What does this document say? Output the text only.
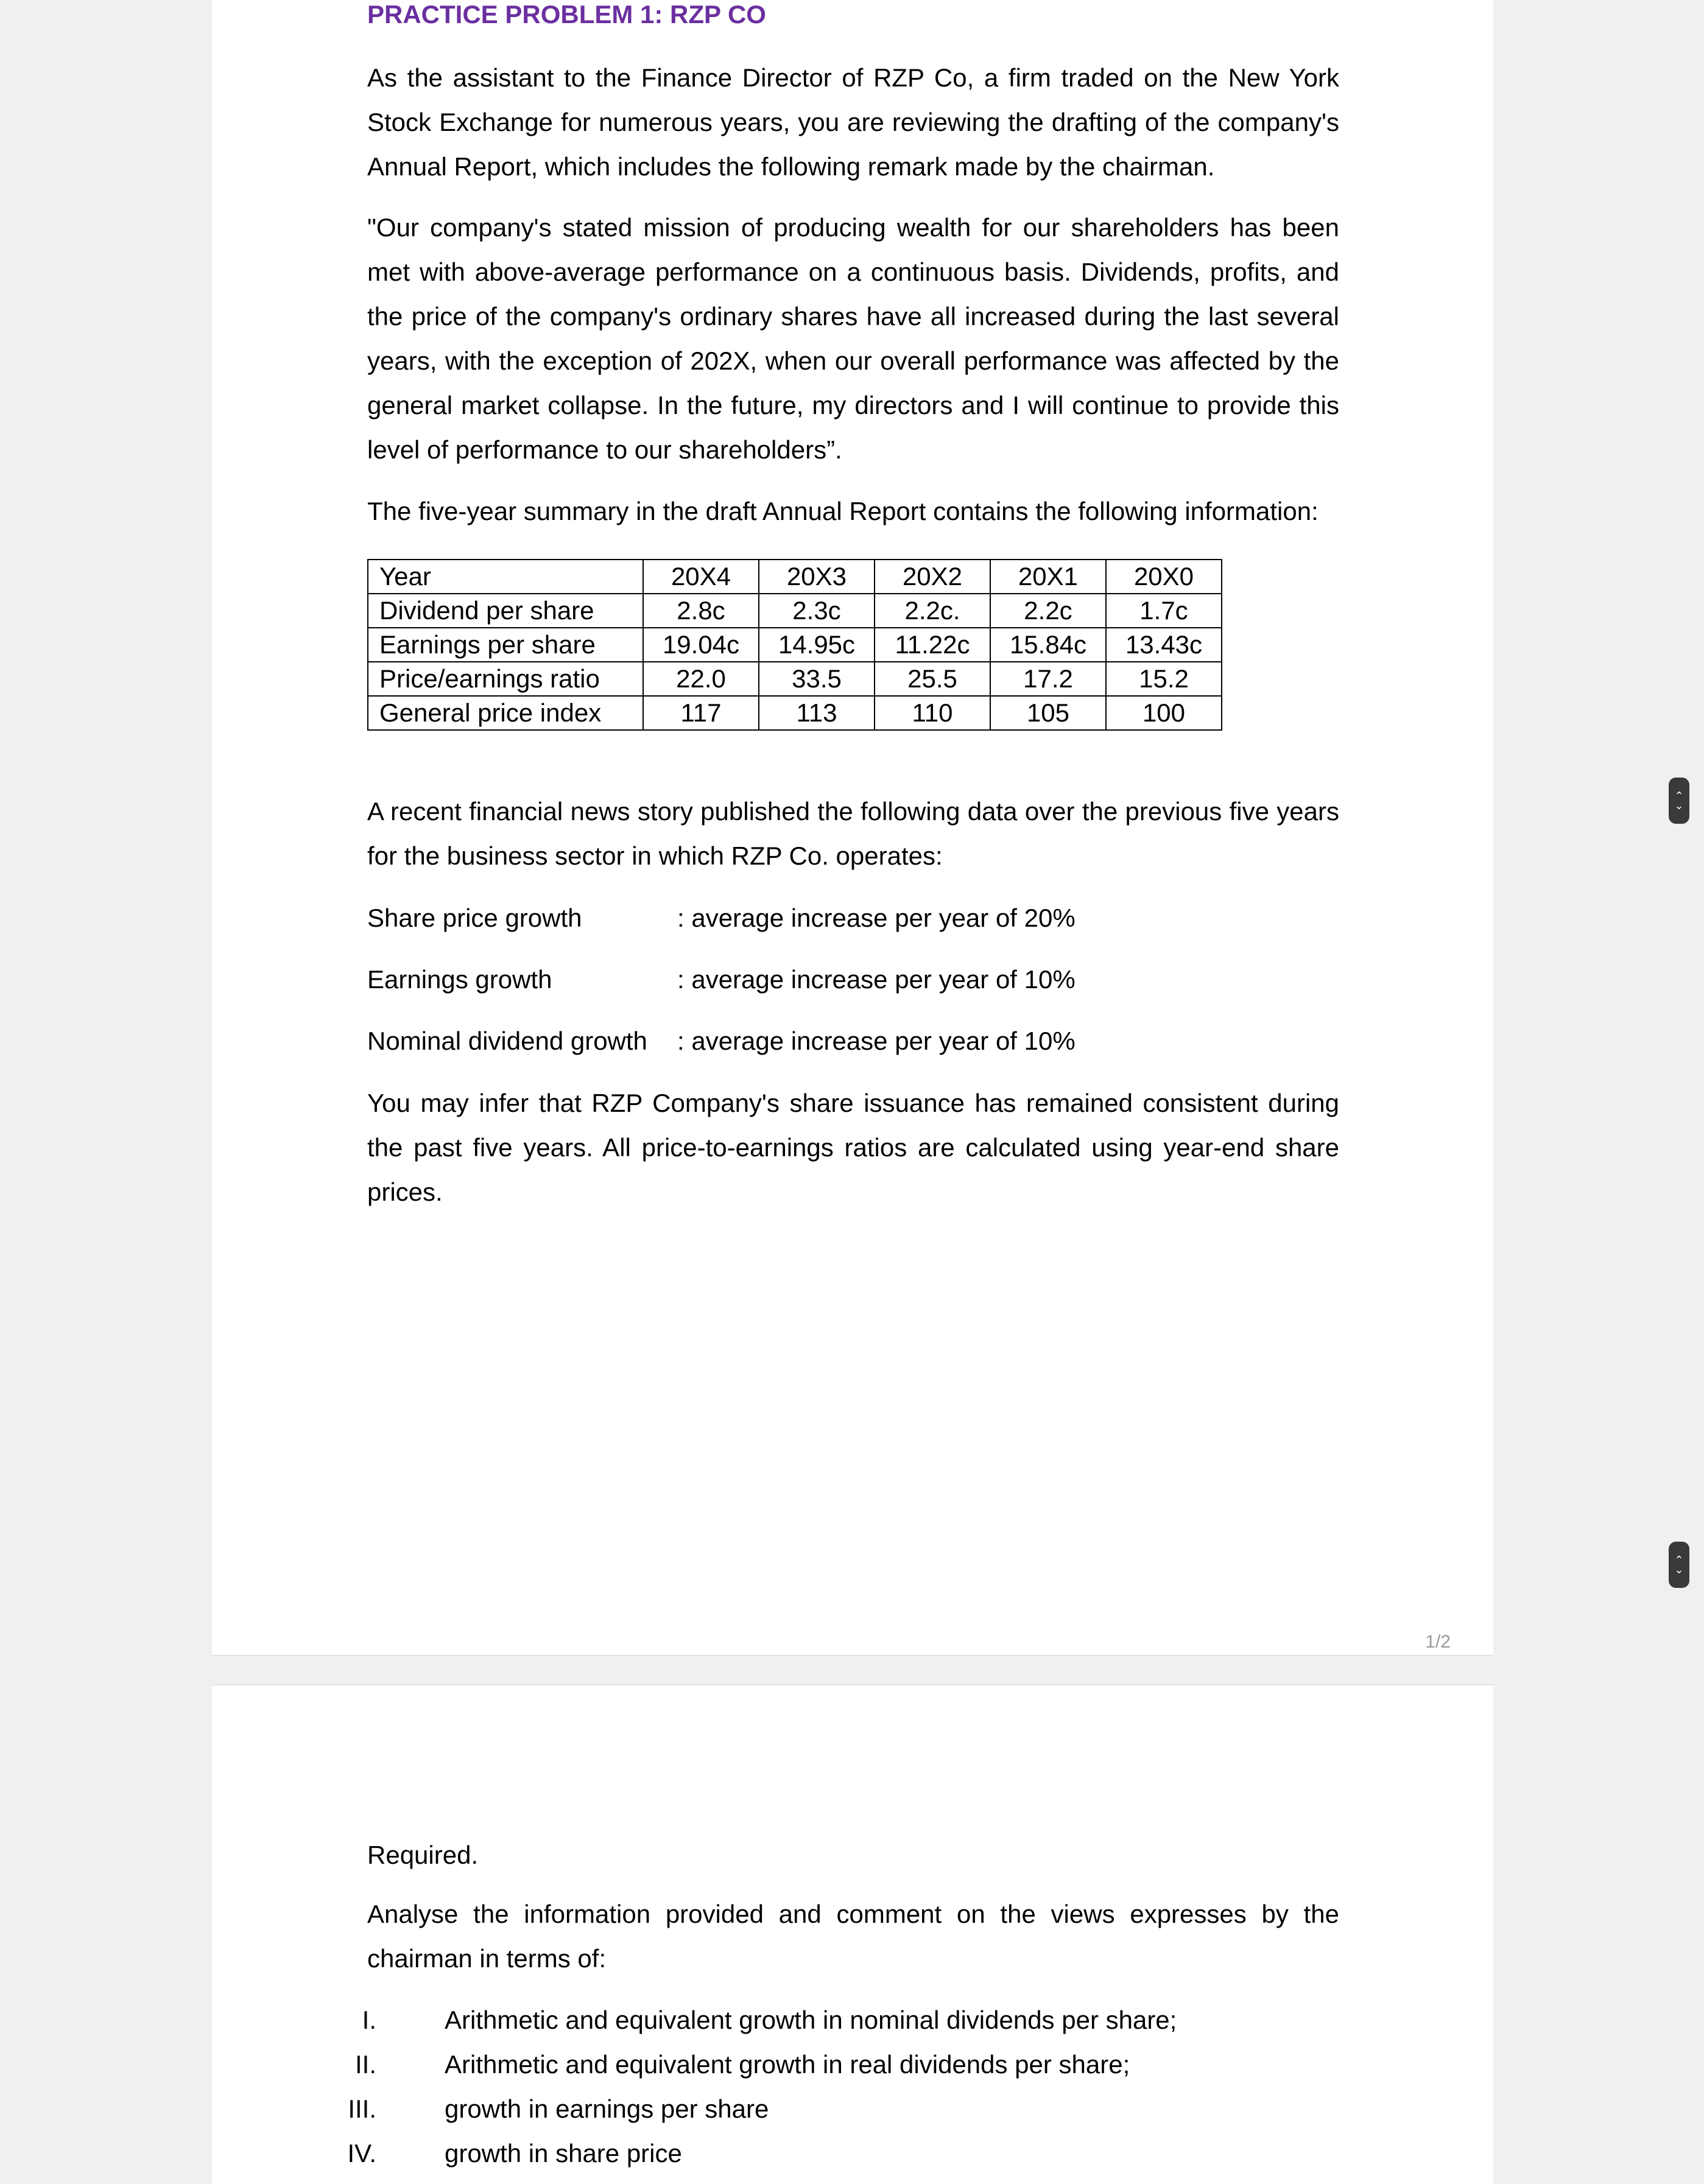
PRACTICE PROBLEM 1: RZP CO
As the assistant to the Finance Director of RZP Co, a firm traded on the New York Stock Exchange for numerous years, you are reviewing the drafting of the company's Annual Report, which includes the following remark made by the chairman.
"Our company's stated mission of producing wealth for our shareholders has been met with above-average performance on a continuous basis. Dividends, profits, and the price of the company's ordinary shares have all increased during the last several years, with the exception of 202X, when our overall performance was affected by the general market collapse. In the future, my directors and I will continue to provide this level of performance to our shareholders”.
The five-year summary in the draft Annual Report contains the following information:
Year	20X4	20X3	20X2	20X1	20X0
Dividend per share	2.8c	2.3c	2.2c.	2.2c	1.7c
Earnings per share	19.04c	14.95c	11.22c	15.84c	13.43c
Price/earnings ratio	22.0	33.5	25.5	17.2	15.2
General price index	117	113	110	105	100
A recent financial news story published the following data over the previous five years for the business sector in which RZP Co. operates:
Share price growth	: average increase per year of 20%
Earnings growth	: average increase per year of 10%
Nominal dividend growth : average increase per year of 10%
You may infer that RZP Company's share issuance has remained consistent during the past five years. All price-to-earnings ratios are calculated using year-end share prices.
1/2
Required.
Analyse the information provided and comment on the views expresses by the chairman in terms of:
I.	Arithmetic and equivalent growth in nominal dividends per share;
II.	Arithmetic and equivalent growth in real dividends per share;
III.	growth in earnings per share
IV.	growth in share price
⌃
⌄
⌃
⌄
